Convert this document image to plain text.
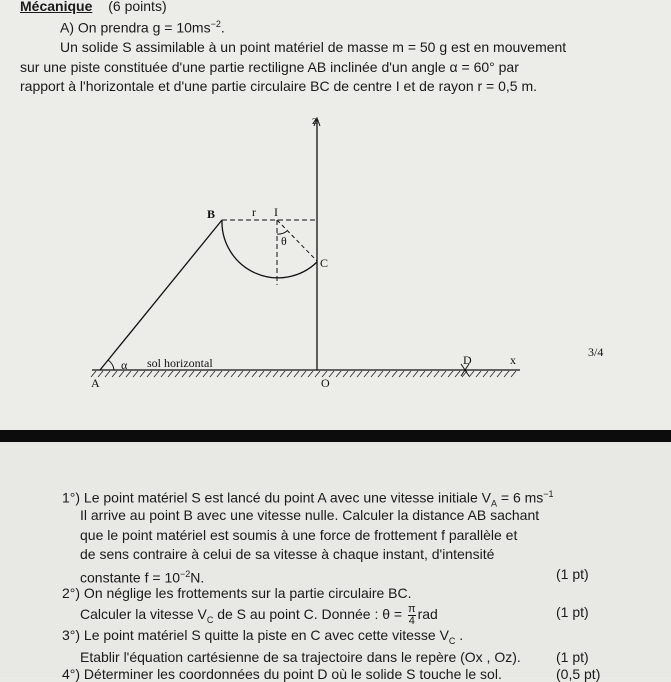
Mécanique (6 points)
A) On prendra $g = 10ms^{-2}$.
Un solide S assimilable à un point matériel de masse m = 50 g est en mouvement
sur une piste constituée d'une partie rectiligne AB inclinée d'un angle α = 60° par
rapport à l'horizontale et d'une partie circulaire BC de centre I et de rayon r = 0,5 m.
z
B	r I
θ
C
α sol horizontal
A	O
D	x
3/4
1°) Le point matériel S est lancé du point A avec une vitesse initiale $V_A = 6$ $ms^{-1}$
Il arrive au point B avec une vitesse nulle. Calculer la distance AB sachant
que le point matériel est soumis à une force de frottement f parallèle et
de sens contraire à celui de sa vitesse à chaque instant, d'intensité
constante $f = 10^{-2}N$.	(1 pt)
2°) On néglige les frottements sur la partie circulaire BC.
Calculer la vitesse $V_C$ de S au point C. Donnée : $\theta = \frac{\pi}{4}$ rad	(1 pt)
3°) Le point matériel S quitte la piste en C avec cette vitesse $V_C$ .
Etablir l'équation cartésienne de sa trajectoire dans le repère (Ox , Oz).	(1 pt)
4°) Déterminer les coordonnées du point D où le solide S touche le sol.	(0,5 pt)
